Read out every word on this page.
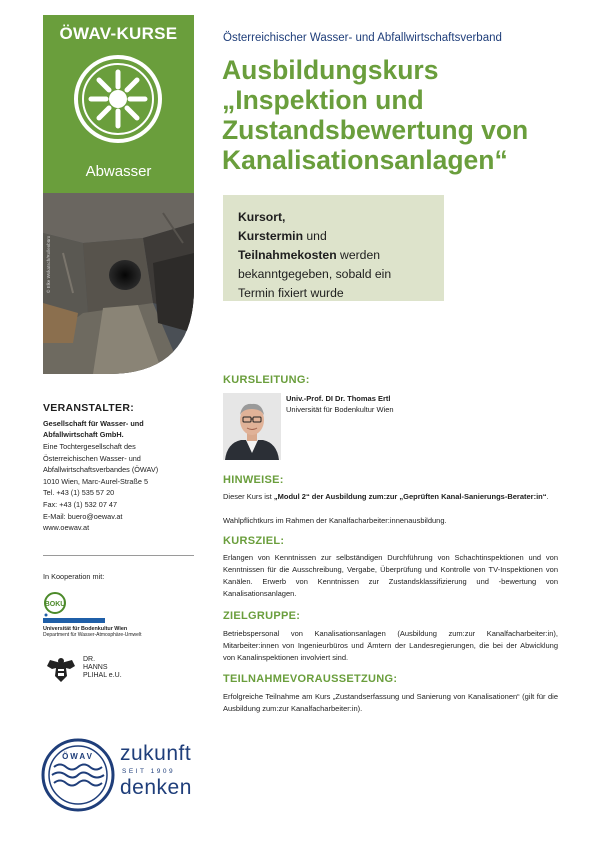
ÖWAV-KURSE
Abwasser
© Elke Wokatsch/Rollenbüro
VERANSTALTER:
Gesellschaft für Wasser- und Abfallwirtschaft GmbH.
Eine Tochtergesellschaft des
Österreichischen Wasser- und
Abfallwirtschaftsverbandes (ÖWAV)
1010 Wien, Marc-Aurel-Straße 5
Tel. +43 (1) 535 57 20
Fax: +43 (1) 532 07 47
E-Mail: buero@oewav.at
www.oewav.at
In Kooperation mit:
BOKU
Universität für Bodenkultur Wien
Department für Wasser-Atmosphäre-Umwelt
DR.
HANNS
PLIHAL e.U.
ÖWAV zukunft
SEIT 1909
denken
Österreichischer Wasser- und Abfallwirtschaftsverband
Ausbildungskurs
„Inspektion und
Zustandsbewertung von
Kanalisationsanlagen“
Kursort,
Kurstermin und
Teilnahmekosten werden
bekanntgegeben, sobald ein
Termin fixiert wurde
KURSLEITUNG:
Univ.-Prof. DI Dr. Thomas Ertl
Universität für Bodenkultur Wien
HINWEISE:
Dieser Kurs ist „Modul 2“ der Ausbildung zum:zur „Geprüften Kanal-Sanierungs-Berater:in“.
Wahlpflichtkurs im Rahmen der Kanalfacharbeiter:innenausbildung.
KURSZIEL:
Erlangen von Kenntnissen zur selbständigen Durchführung von Schachtinspektionen und von Kenntnissen für die Ausschreibung, Vergabe, Überprüfung und Kontrolle von TV-Inspektionen von Kanälen. Erwerb von Kenntnissen zur Zustandsklassifizierung und -bewertung von Kanalisationsanlagen.
ZIELGRUPPE:
Betriebspersonal von Kanalisationsanlagen (Ausbildung zum:zur Kanalfacharbeiter:in), Mitarbeiter:innen von Ingenieurbüros und Ämtern der Landesregierungen, die bei der Abwicklung von Kanalinspektionen involviert sind.
TEILNAHMEVORAUSSETZUNG:
Erfolgreiche Teilnahme am Kurs „Zustandserfassung und Sanierung von Kanalisationen“ (gilt für die Ausbildung zum:zur Kanalfacharbeiter:in).
